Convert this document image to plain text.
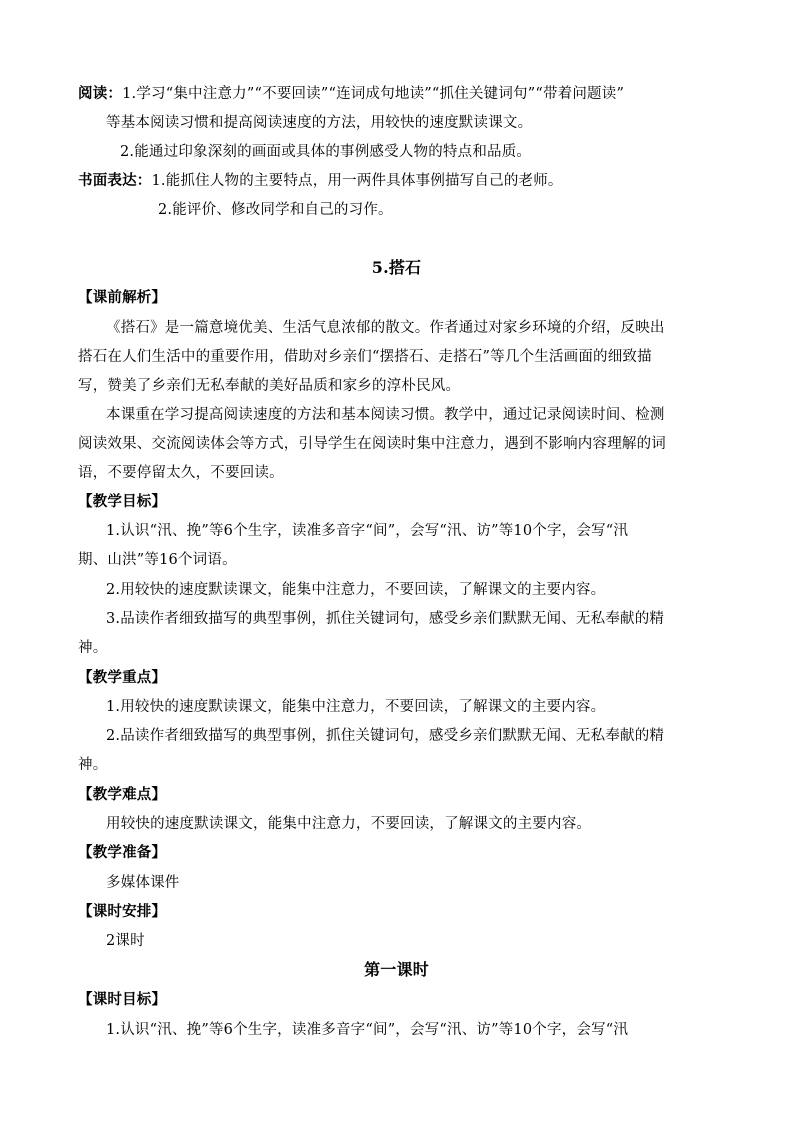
阅读：1.学习“集中注意力”“不要回读”“连词成句地读”“抓住关键词句”“带着问题读”
等基本阅读习惯和提高阅读速度的方法，用较快的速度默读课文。
2.能通过印象深刻的画面或具体的事例感受人物的特点和品质。
书面表达：1.能抓住人物的主要特点，用一两件具体事例描写自己的老师。
2.能评价、修改同学和自己的习作。
5.搭石
【课前解析】
《搭石》是一篇意境优美、生活气息浓郁的散文。作者通过对家乡环境的介绍，反映出
搭石在人们生活中的重要作用，借助对乡亲们“摆搭石、走搭石”等几个生活画面的细致描
写，赞美了乡亲们无私奉献的美好品质和家乡的淳朴民风。
本课重在学习提高阅读速度的方法和基本阅读习惯。教学中，通过记录阅读时间、检测
阅读效果、交流阅读体会等方式，引导学生在阅读时集中注意力，遇到不影响内容理解的词
语，不要停留太久，不要回读。
【教学目标】
1.认识“汛、挽”等6个生字，读准多音字“间”，会写“汛、访”等10个字，会写“汛
期、山洪”等16个词语。
2.用较快的速度默读课文，能集中注意力，不要回读，了解课文的主要内容。
3.品读作者细致描写的典型事例，抓住关键词句，感受乡亲们默默无闻、无私奉献的精
神。
【教学重点】
1.用较快的速度默读课文，能集中注意力，不要回读，了解课文的主要内容。
2.品读作者细致描写的典型事例，抓住关键词句，感受乡亲们默默无闻、无私奉献的精
神。
【教学难点】
用较快的速度默读课文，能集中注意力，不要回读，了解课文的主要内容。
【教学准备】
多媒体课件
【课时安排】
2课时
第一课时
【课时目标】
1.认识“汛、挽”等6个生字，读准多音字“间”，会写“汛、访”等10个字，会写“汛
